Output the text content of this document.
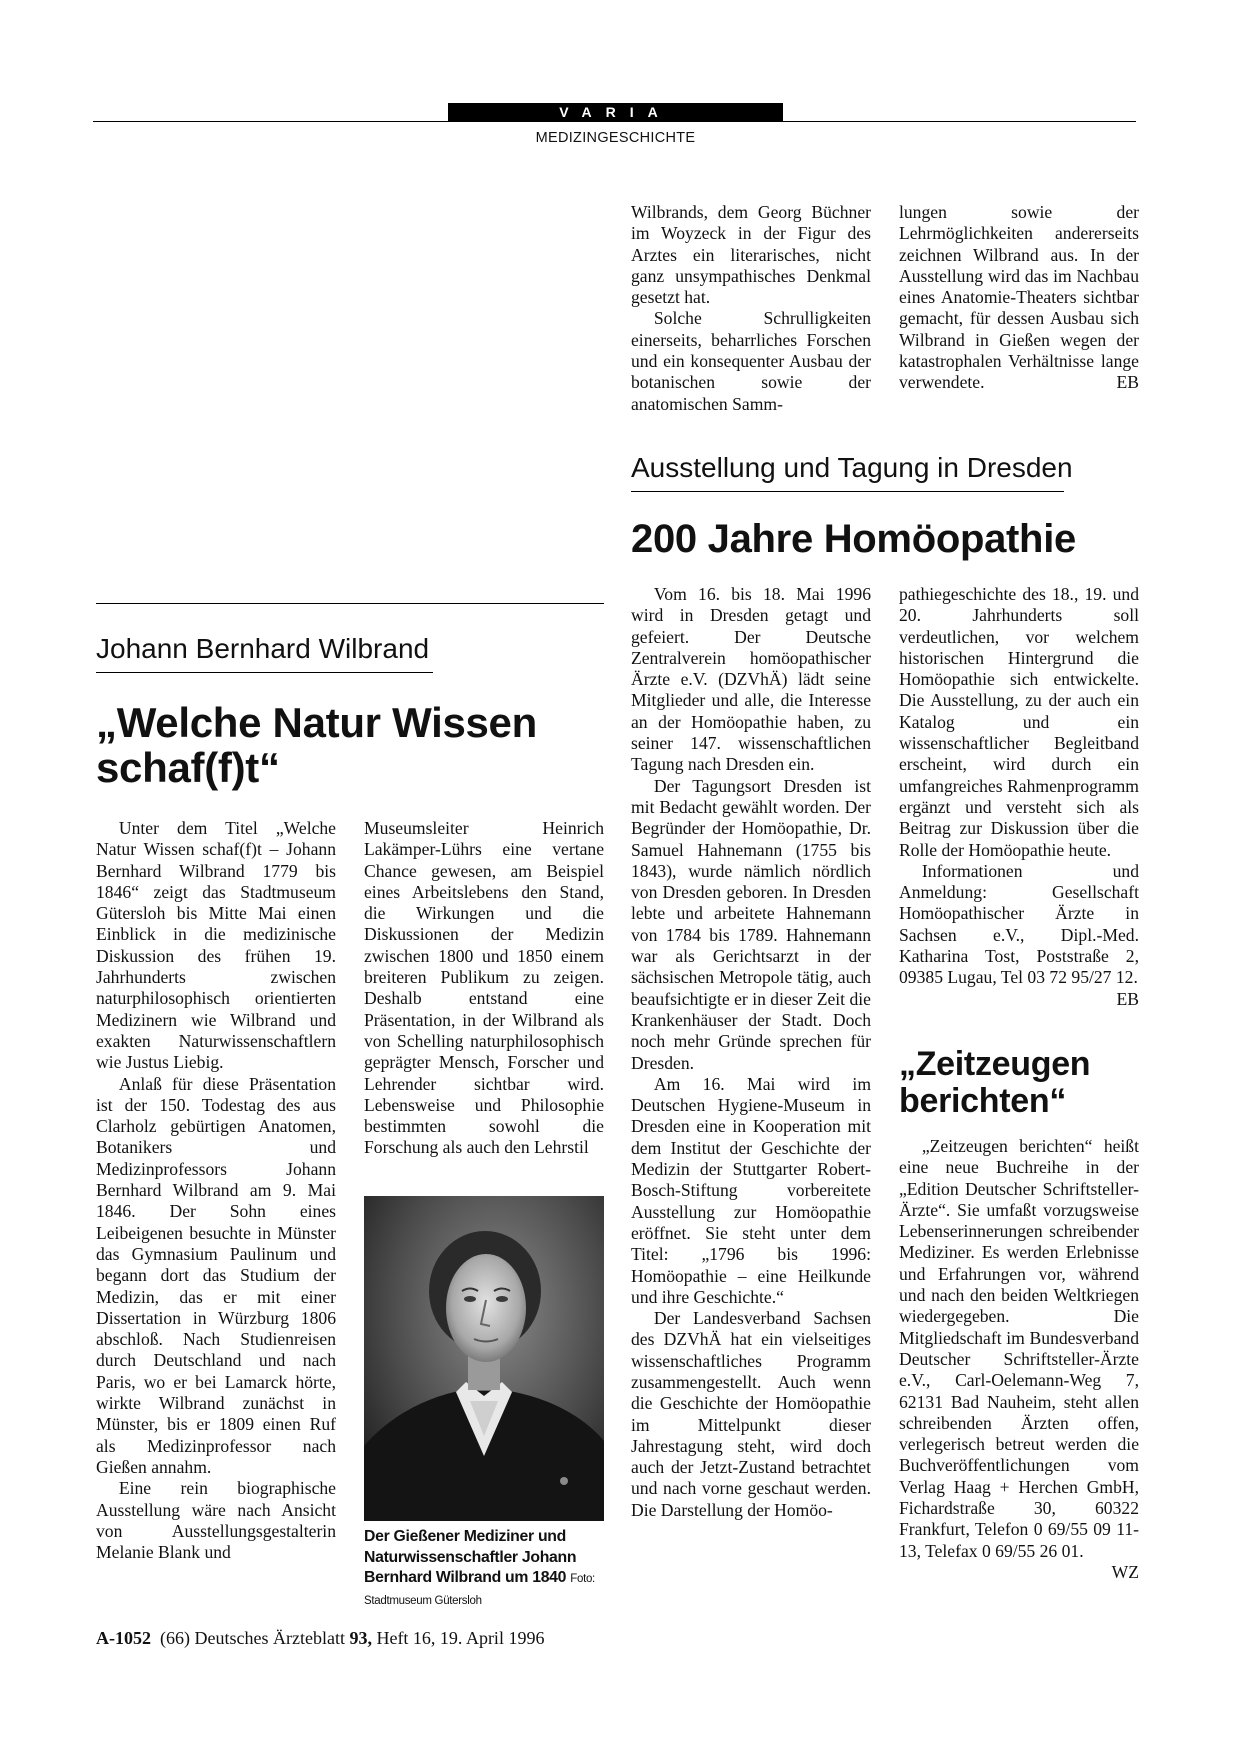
VARIA
MEDIZINGESCHICHTE

Wilbrands, dem Georg Büchner im Woyzeck in der Figur des Arztes ein literarisches, nicht ganz unsympathisches Denkmal gesetzt hat.

Solche Schrulligkeiten einerseits, beharrliches Forschen und ein konsequenter Ausbau der botanischen sowie der anatomischen Samm-

lungen sowie der Lehrmöglichkeiten andererseits zeichnen Wilbrand aus. In der Ausstellung wird das im Nachbau eines Anatomie-Theaters sichtbar gemacht, für dessen Ausbau sich Wilbrand in Gießen wegen der katastrophalen Verhältnisse lange verwendete.	EB

Ausstellung und Tagung in Dresden
200 Jahre Homöopathie

Vom 16. bis 18. Mai 1996 wird in Dresden getagt und gefeiert. Der Deutsche Zentralverein homöopathischer Ärzte e.V. (DZVhÄ) lädt seine Mitglieder und alle, die Interesse an der Homöopathie haben, zu seiner 147. wissenschaftlichen Tagung nach Dresden ein.

Der Tagungsort Dresden ist mit Bedacht gewählt worden. Der Begründer der Homöopathie, Dr. Samuel Hahnemann (1755 bis 1843), wurde nämlich nördlich von Dresden geboren. In Dresden lebte und arbeitete Hahnemann von 1784 bis 1789. Hahnemann war als Gerichtsarzt in der sächsischen Metropole tätig, auch beaufsichtigte er in dieser Zeit die Krankenhäuser der Stadt. Doch noch mehr Gründe sprechen für Dresden.

Am 16. Mai wird im Deutschen Hygiene-Museum in Dresden eine in Kooperation mit dem Institut der Geschichte der Medizin der Stuttgarter Robert-Bosch-Stiftung vorbereitete Ausstellung zur Homöopathie eröffnet. Sie steht unter dem Titel: „1796 bis 1996: Homöopathie – eine Heilkunde und ihre Geschichte.“

Der Landesverband Sachsen des DZVhÄ hat ein vielseitiges wissenschaftliches Programm zusammengestellt. Auch wenn die Geschichte der Homöopathie im Mittelpunkt dieser Jahrestagung steht, wird doch auch der Jetzt-Zustand betrachtet und nach vorne geschaut werden. Die Darstellung der Homöo-

pathiegeschichte des 18., 19. und 20. Jahrhunderts soll verdeutlichen, vor welchem historischen Hintergrund die Homöopathie sich entwickelte. Die Ausstellung, zu der auch ein Katalog und ein wissenschaftlicher Begleitband erscheint, wird durch ein umfangreiches Rahmenprogramm ergänzt und versteht sich als Beitrag zur Diskussion über die Rolle der Homöopathie heute.

Informationen und Anmeldung: Gesellschaft Homöopathischer Ärzte in Sachsen e.V., Dipl.-Med. Katharina Tost, Poststraße 2, 09385 Lugau, Tel 03 72 95/27 12.
EB

„Zeitzeugen berichten“

„Zeitzeugen berichten“ heißt eine neue Buchreihe in der „Edition Deutscher Schriftsteller-Ärzte“. Sie umfaßt vorzugsweise Lebenserinnerungen schreibender Mediziner. Es werden Erlebnisse und Erfahrungen vor, während und nach den beiden Weltkriegen wiedergegeben. Die Mitgliedschaft im Bundesverband Deutscher Schriftsteller-Ärzte e.V., Carl-Oelemann-Weg 7, 62131 Bad Nauheim, steht allen schreibenden Ärzten offen, verlegerisch betreut werden die Buchveröffentlichungen vom Verlag Haag + Herchen GmbH, Fichardstraße 30, 60322 Frankfurt, Telefon 0 69/55 09 11-13, Telefax 0 69/55 26 01.
WZ

Johann Bernhard Wilbrand
„Welche Natur Wissen schaf(f)t“

Unter dem Titel „Welche Natur Wissen schaf(f)t – Johann Bernhard Wilbrand 1779 bis 1846“ zeigt das Stadtmuseum Gütersloh bis Mitte Mai einen Einblick in die medizinische Diskussion des frühen 19. Jahrhunderts zwischen naturphilosophisch orientierten Medizinern wie Wilbrand und exakten Naturwissenschaftlern wie Justus Liebig.

Anlaß für diese Präsentation ist der 150. Todestag des aus Clarholz gebürtigen Anatomen, Botanikers und Medizinprofessors Johann Bernhard Wilbrand am 9. Mai 1846. Der Sohn eines Leibeigenen besuchte in Münster das Gymnasium Paulinum und begann dort das Studium der Medizin, das er mit einer Dissertation in Würzburg 1806 abschloß. Nach Studienreisen durch Deutschland und nach Paris, wo er bei Lamarck hörte, wirkte Wilbrand zunächst in Münster, bis er 1809 einen Ruf als Medizinprofessor nach Gießen annahm.

Eine rein biographische Ausstellung wäre nach Ansicht von Ausstellungsgestalterin Melanie Blank und

Museumsleiter Heinrich Lakämper-Lührs eine vertane Chance gewesen, am Beispiel eines Arbeitslebens den Stand, die Wirkungen und die Diskussionen der Medizin zwischen 1800 und 1850 einem breiteren Publikum zu zeigen. Deshalb entstand eine Präsentation, in der Wilbrand als von Schelling naturphilosophisch geprägter Mensch, Forscher und Lehrender sichtbar wird. Lebensweise und Philosophie bestimmten sowohl die Forschung als auch den Lehrstil

Der Gießener Mediziner und Naturwissenschaftler Johann Bernhard Wilbrand um 1840 Foto: Stadtmuseum Gütersloh
A-1052 (66) Deutsches Ärzteblatt 93, Heft 16, 19. April 1996
